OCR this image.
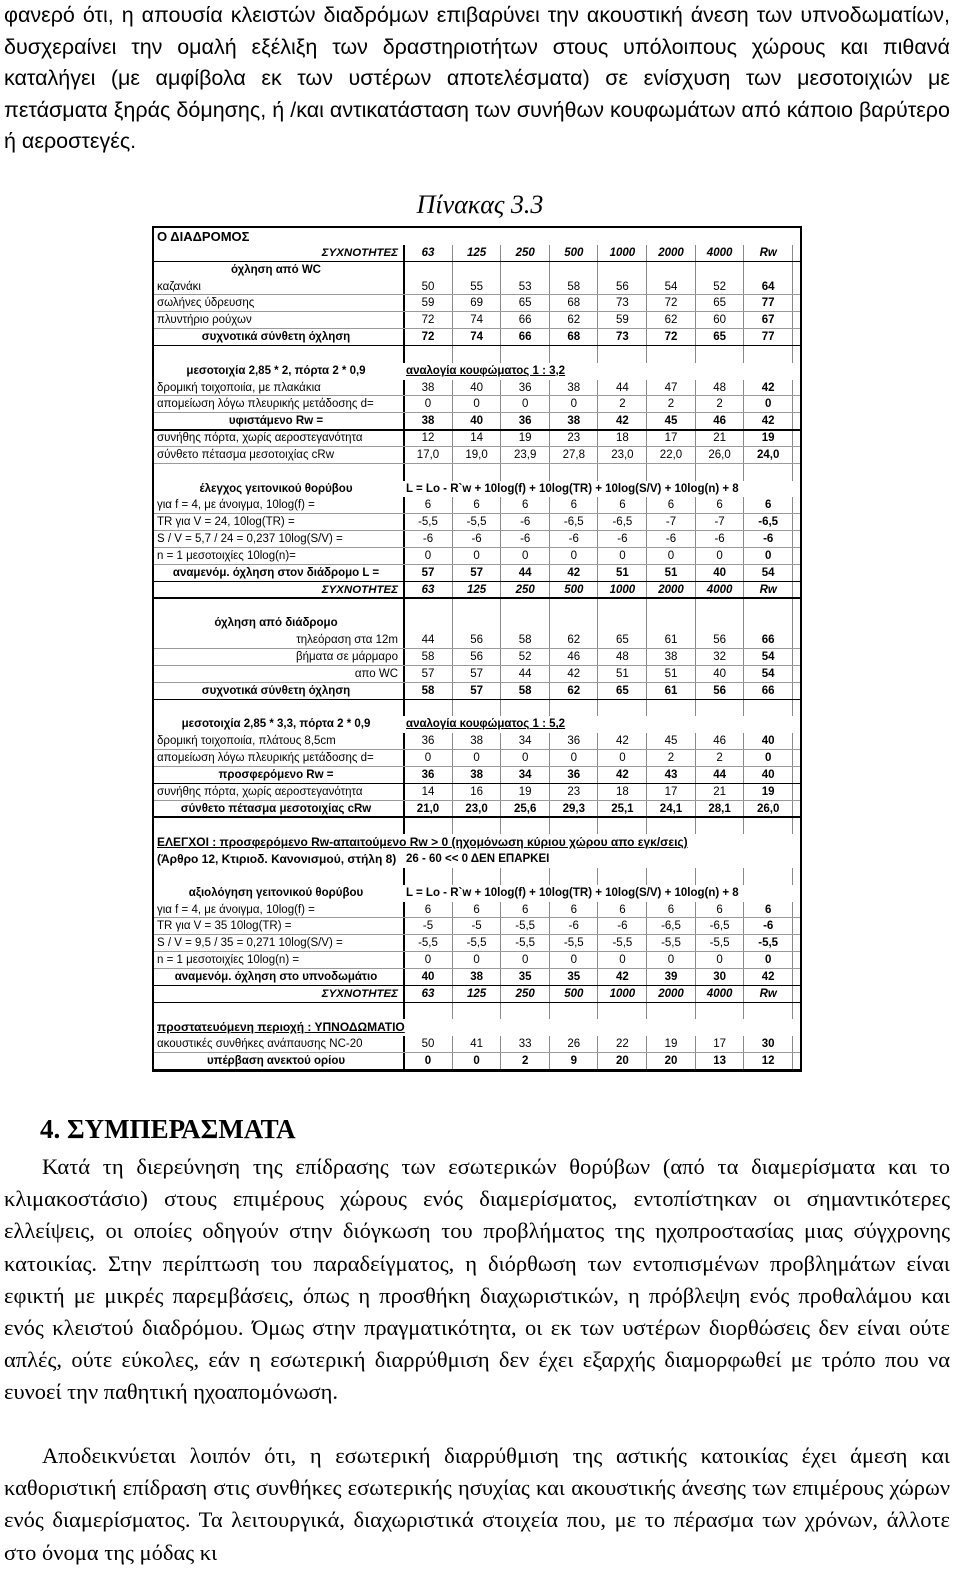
φανερό ότι, η απουσία κλειστών διαδρόμων επιβαρύνει την ακουστική άνεση των υπνοδωματίων, δυσχεραίνει την ομαλή εξέλιξη των δραστηριοτήτων στους υπόλοιπους χώρους και πιθανά καταλήγει (με αμφίβολα εκ των υστέρων αποτελέσματα) σε ενίσχυση των μεσοτοιχιών με πετάσματα ξηράς δόμησης, ή /και αντικατάσταση των συνήθων κουφωμάτων από κάποιο βαρύτερο ή αεροστεγές.
Πίνακας 3.3
Ο ΔΙΑΔΡΟΜΟΣ
ΣΥΧΝΟΤΗΤΕΣ	63	125	250	500	1000	2000	4000	Rw
όχληση από WC
καζανάκι	50	55	53	58	56	54	52	64
σωλήνες ύδρευσης	59	69	65	68	73	72	65	77
πλυντήριο ρούχων	72	74	66	62	59	62	60	67
συχνοτικά σύνθετη όχληση	72	74	66	68	73	72	65	77
μεσοτοιχία 2,85 * 2, πόρτα 2 * 0,9	αναλογία κουφώματος 1 : 3,2
δρομική τοιχοποιία, με πλακάκια	38	40	36	38	44	47	48	42
απομείωση λόγω πλευρικής μετάδοσης d=	0	0	0	0	2	2	2	0
υφιστάμενο Rw =	38	40	36	38	42	45	46	42
συνήθης πόρτα, χωρίς αεροστεγανότητα	12	14	19	23	18	17	21	19
σύνθετο πέτασμα μεσοτοιχίας cRw	17,0	19,0	23,9	27,8	23,0	22,0	26,0	24,0
έλεγχος γειτονικού θορύβου	L = Lo - R`w + 10log(f) + 10log(TR) + 10log(S/V) + 10log(n) + 8
για f = 4, με άνοιγμα, 10log(f) =	6	6	6	6	6	6	6	6
TR για V = 24, 10log(TR) =	-5,5	-5,5	-6	-6,5	-6,5	-7	-7	-6,5
S / V = 5,7 / 24 = 0,237 10log(S/V) =	-6	-6	-6	-6	-6	-6	-6	-6
n = 1 μεσοτοιχίες 10log(n)=	0	0	0	0	0	0	0	0
αναμενόμ. όχληση στον διάδρομο L =	57	57	44	42	51	51	40	54
ΣΥΧΝΟΤΗΤΕΣ	63	125	250	500	1000	2000	4000	Rw
όχληση από διάδρομο
τηλεόραση στα 12m	44	56	58	62	65	61	56	66
βήματα σε μάρμαρο	58	56	52	46	48	38	32	54
απο WC	57	57	44	42	51	51	40	54
συχνοτικά σύνθετη όχληση	58	57	58	62	65	61	56	66
μεσοτοιχία 2,85 * 3,3, πόρτα 2 * 0,9	αναλογία κουφώματος 1 : 5,2
δρομική τοιχοποιία, πλάτους 8,5cm	36	38	34	36	42	45	46	40
απομείωση λόγω πλευρικής μετάδοσης d=	0	0	0	0	0	2	2	0
προσφερόμενο Rw =	36	38	34	36	42	43	44	40
συνήθης πόρτα, χωρίς αεροστεγανότητα	14	16	19	23	18	17	21	19
σύνθετο πέτασμα μεσοτοιχίας cRw	21,0	23,0	25,6	29,3	25,1	24,1	28,1	26,0
ΕΛΕΓΧΟΙ : προσφερόμενο Rw-απαιτούμενο Rw > 0 (ηχομόνωση κύριου χώρου απο εγκ/σεις)
(Άρθρο 12, Κτιριοδ. Κανονισμού, στήλη 8) 26 - 60 << 0 ΔΕΝ ΕΠΑΡΚΕΙ
αξιολόγηση γειτονικού θορύβου	L = Lo - R`w + 10log(f) + 10log(TR) + 10log(S/V) + 10log(n) + 8
για f = 4, με άνοιγμα, 10log(f) =	6	6	6	6	6	6	6	6
TR για V = 35 10log(TR) =	-5	-5	-5,5	-6	-6	-6,5	-6,5	-6
S / V = 9,5 / 35 = 0,271 10log(S/V) =	-5,5	-5,5	-5,5	-5,5	-5,5	-5,5	-5,5	-5,5
n = 1 μεσοτοιχίες 10log(n) =	0	0	0	0	0	0	0	0
αναμενόμ. όχληση στο υπνοδωμάτιο	40	38	35	35	42	39	30	42
ΣΥΧΝΟΤΗΤΕΣ	63	125	250	500	1000	2000	4000	Rw
προστατευόμενη περιοχή : ΥΠΝΟΔΩΜΑΤΙΟ
ακουστικές συνθήκες ανάπαυσης NC-20	50	41	33	26	22	19	17	30
υπέρβαση ανεκτού ορίου	0	0	2	9	20	20	13	12
4. ΣΥΜΠΕΡΑΣΜΑΤΑ
Κατά τη διερεύνηση της επίδρασης των εσωτερικών θορύβων (από τα διαμερίσματα και το κλιμακοστάσιο) στους επιμέρους χώρους ενός διαμερίσματος, εντοπίστηκαν οι σημαντικότερες ελλείψεις, οι οποίες οδηγούν στην διόγκωση του προβλήματος της ηχοπροστασίας μιας σύγχρονης κατοικίας. Στην περίπτωση του παραδείγματος, η διόρθωση των εντοπισμένων προβλημάτων είναι εφικτή με μικρές παρεμβάσεις, όπως η προσθήκη διαχωριστικών, η πρόβλεψη ενός προθαλάμου και ενός κλειστού διαδρόμου. Όμως στην πραγματικότητα, οι εκ των υστέρων διορθώσεις δεν είναι ούτε απλές, ούτε εύκολες, εάν η εσωτερική διαρρύθμιση δεν έχει εξαρχής διαμορφωθεί με τρόπο που να ευνοεί την παθητική ηχοαπομόνωση.
Αποδεικνύεται λοιπόν ότι, η εσωτερική διαρρύθμιση της αστικής κατοικίας έχει άμεση και καθοριστική επίδραση στις συνθήκες εσωτερικής ησυχίας και ακουστικής άνεσης των επιμέρους χώρων ενός διαμερίσματος. Τα λειτουργικά, διαχωριστικά στοιχεία που, με το πέρασμα των χρόνων, άλλοτε στο όνομα της μόδας κι
